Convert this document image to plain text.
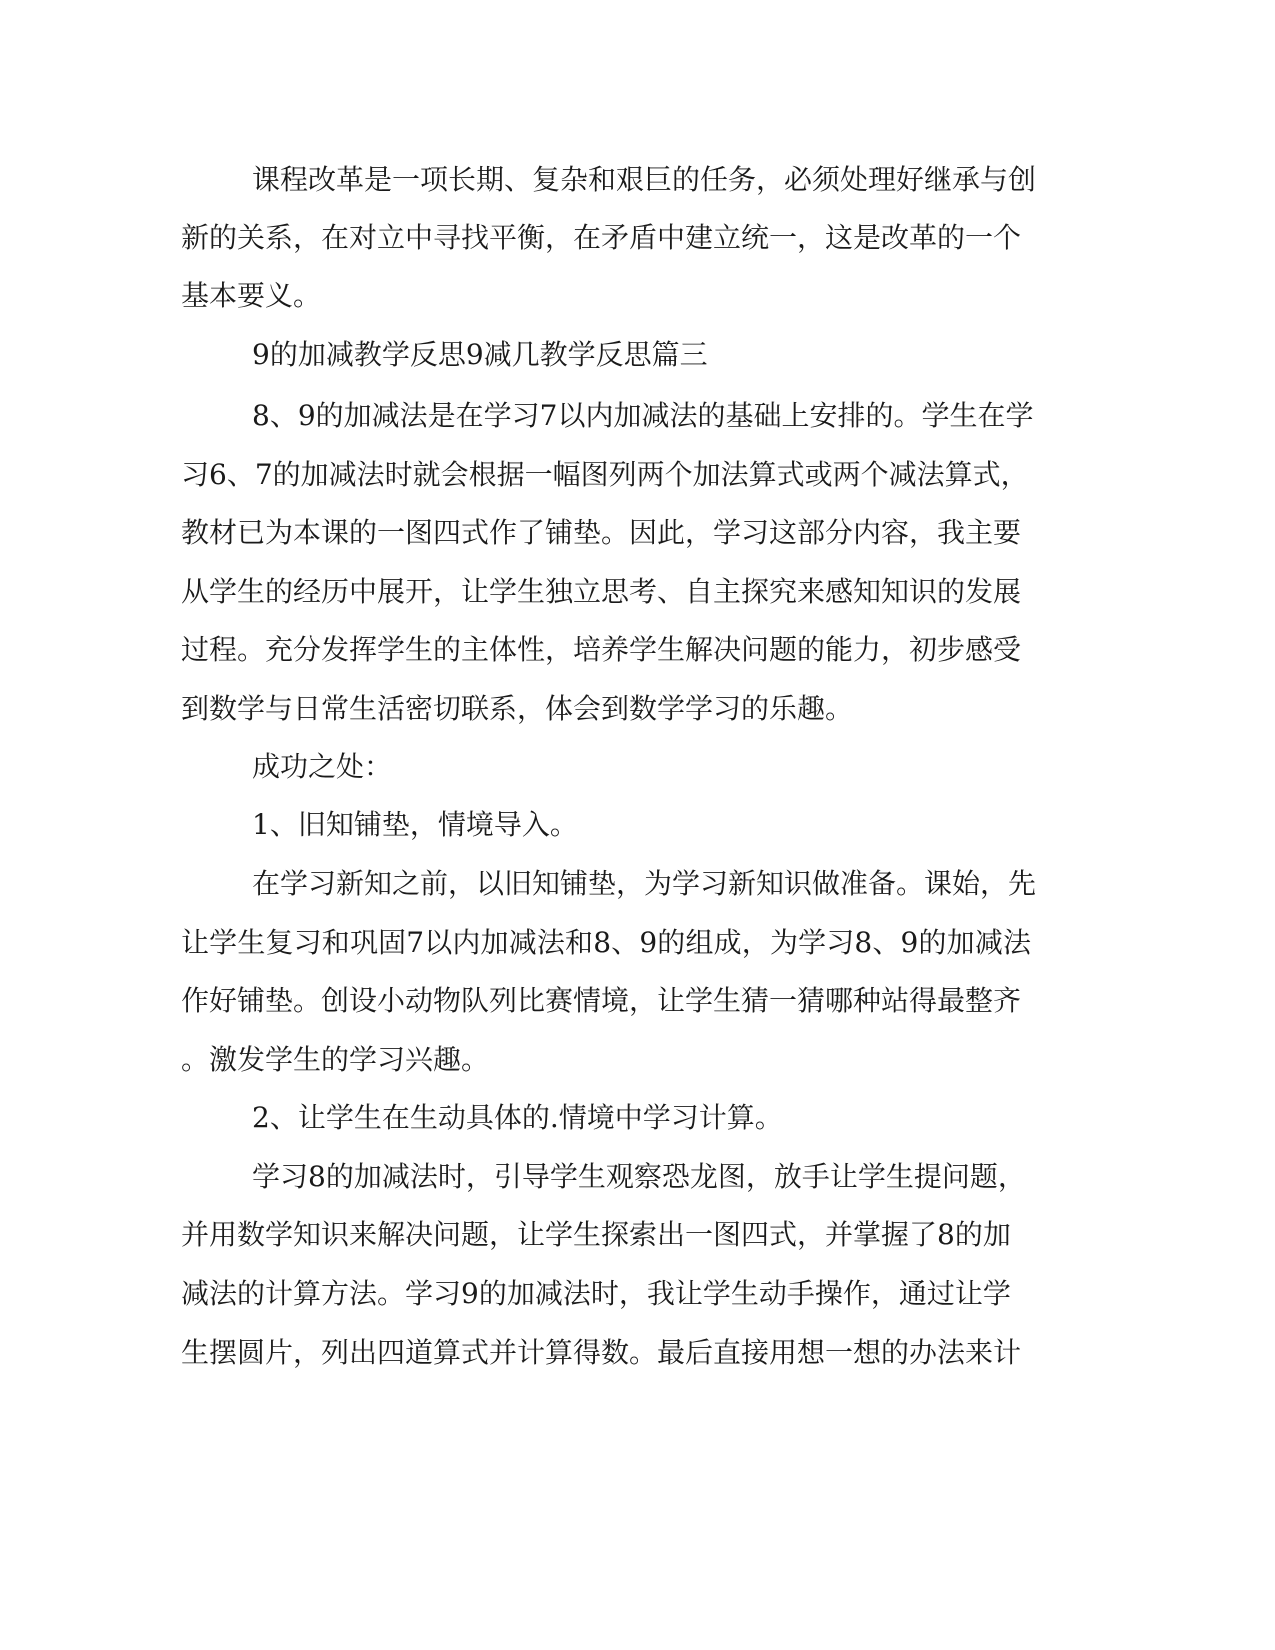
课程改革是一项长期、复杂和艰巨的任务，必须处理好继承与创
新的关系，在对立中寻找平衡，在矛盾中建立统一，这是改革的一个
基本要义。
9的加减教学反思9减几教学反思篇三
8、9的加减法是在学习7以内加减法的基础上安排的。学生在学
习6、7的加减法时就会根据一幅图列两个加法算式或两个减法算式，
教材已为本课的一图四式作了铺垫。因此，学习这部分内容，我主要
从学生的经历中展开，让学生独立思考、自主探究来感知知识的发展
过程。充分发挥学生的主体性，培养学生解决问题的能力，初步感受
到数学与日常生活密切联系，体会到数学学习的乐趣。
成功之处：
1、旧知铺垫，情境导入。
在学习新知之前，以旧知铺垫，为学习新知识做准备。课始，先
让学生复习和巩固7以内加减法和8、9的组成，为学习8、9的加减法
作好铺垫。创设小动物队列比赛情境，让学生猜一猜哪种站得最整齐
。激发学生的学习兴趣。
2、让学生在生动具体的.情境中学习计算。
学习8的加减法时，引导学生观察恐龙图，放手让学生提问题，
并用数学知识来解决问题，让学生探索出一图四式，并掌握了8的加
减法的计算方法。学习9的加减法时，我让学生动手操作，通过让学
生摆圆片，列出四道算式并计算得数。最后直接用想一想的办法来计
